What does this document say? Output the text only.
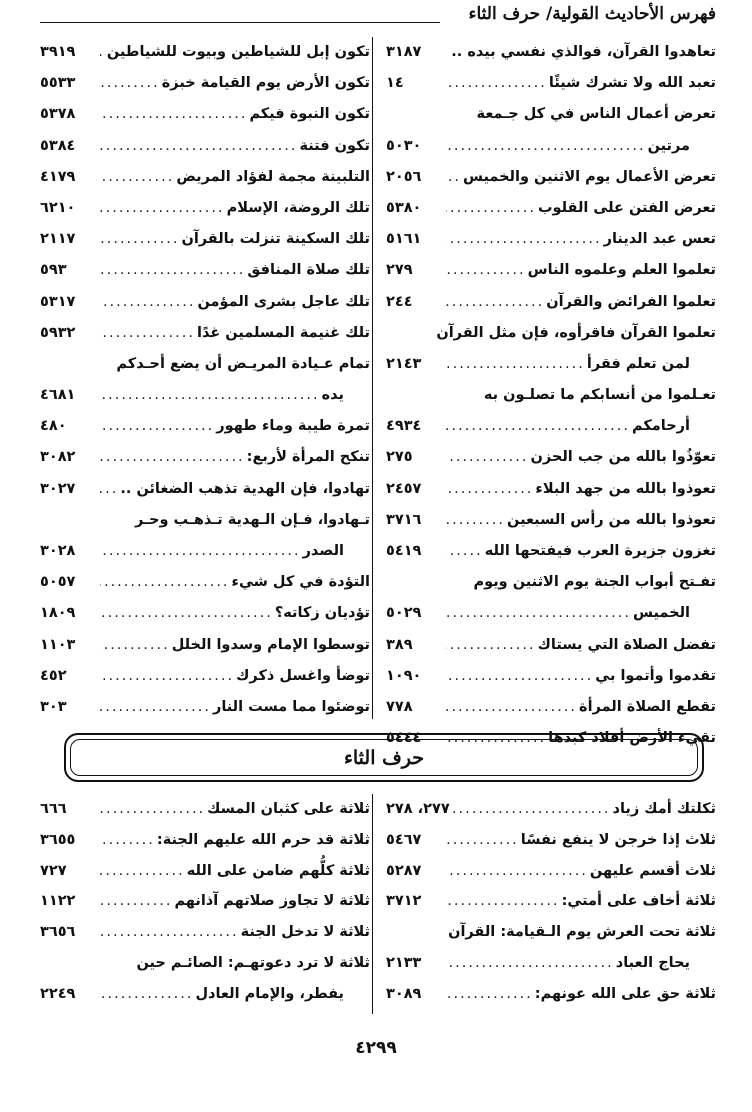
فهرس الأحاديث القولية/ حرف الثاء
تعاهدوا القرآن، فوالذي نفسي بيده ..
.....
٣١٨٧
تعبد الله ولا تشرك شيئًا
.....
١٤
تعرض أعمال الناس في كل جـمعة
مرتين
.....
٥٠٣٠
تعرض الأعمال يوم الاثنين والخميس
.....
٢٠٥٦
تعرض الفتن على القلوب
.....
٥٣٨٠
تعس عبد الدينار
.....
٥١٦١
تعلموا العلم وعلموه الناس
.....
٢٧٩
تعلموا الفرائض والقرآن
.....
٢٤٤
تعلموا القرآن فاقرأوه، فإن مثل القرآن
لمن تعلم فقرأ
.....
٢١٤٣
تعـلموا من أنسابكم ما تصلـون به
أرحامكم
.....
٤٩٣٤
تعوّذُوا بالله من جب الحزن
.....
٢٧٥
تعوذوا بالله من جهد البلاء
.....
٢٤٥٧
تعوذوا بالله من رأس السبعين
.....
٣٧١٦
تغزون جزيرة العرب فيفتحها الله
.....
٥٤١٩
تفـتح أبواب الجنة يوم الاثنين ويوم
الخميس
.....
٥٠٢٩
تفضل الصلاة التي يستاك
.....
٣٨٩
تقدموا وأتموا بي
.....
١٠٩٠
تقطع الصلاة المرأة
.....
٧٧٨
تقيء الأرض أفلاذ كبدها
.....
٥٤٤٤
تكون إبل للشياطين وبيوت للشياطين
.....
٣٩١٩
تكون الأرض يوم القيامة خبزة
.....
٥٥٣٣
تكون النبوة فيكم
.....
٥٣٧٨
تكون فتنة
.....
٥٣٨٤
التلبينة مجمة لفؤاد المريض
.....
٤١٧٩
تلك الروضة، الإسلام
.....
٦٢١٠
تلك السكينة تنزلت بالقرآن
.....
٢١١٧
تلك صلاة المنافق
.....
٥٩٣
تلك عاجل بشرى المؤمن
.....
٥٣١٧
تلك غنيمة المسلمين غدًا
.....
٥٩٣٢
تمام عـيادة المريـض أن يضع أحـدكم
يده
.....
٤٦٨١
تمرة طيبة وماء طهور
.....
٤٨٠
تنكح المرأة لأربع:
.....
٣٠٨٢
تهادوا، فإن الهدية تذهب الضغائن ..
.....
٣٠٢٧
تـهادوا، فـإن الـهدية تـذهـب وحـر
الصدر
.....
٣٠٢٨
التؤدة في كل شيء
.....
٥٠٥٧
تؤديان زكاته؟
.....
١٨٠٩
توسطوا الإمام وسدوا الخلل
.....
١١٠٣
توضأ واغسل ذكرك
.....
٤٥٢
توضئوا مما مست النار
.....
٣٠٣
حرف الثاء
ثكلتك أمك زياد
.....
٢٧٧، ٢٧٨
ثلاث إذا خرجن لا ينفع نفسًا
.....
٥٤٦٧
ثلاث أقسم عليهن
.....
٥٢٨٧
ثلاثة أخاف على أمتي:
.....
٣٧١٢
ثلاثة تحت العرش يوم الـقيامة: القرآن
يحاج العباد
.....
٢١٣٣
ثلاثة حق على الله عونهم:
.....
٣٠٨٩
ثلاثة على كثبان المسك
.....
٦٦٦
ثلاثة قد حرم الله عليهم الجنة:
.....
٣٦٥٥
ثلاثة كلُّهم ضامن على الله
.....
٧٢٧
ثلاثة لا تجاوز صلاتهم آذانهم
.....
١١٢٢
ثلاثة لا تدخل الجنة
.....
٣٦٥٦
ثلاثة لا ترد دعوتهـم: الصائـم حين
يفطر، والإمام العادل
.....
٢٢٤٩
٤٢٩٩
